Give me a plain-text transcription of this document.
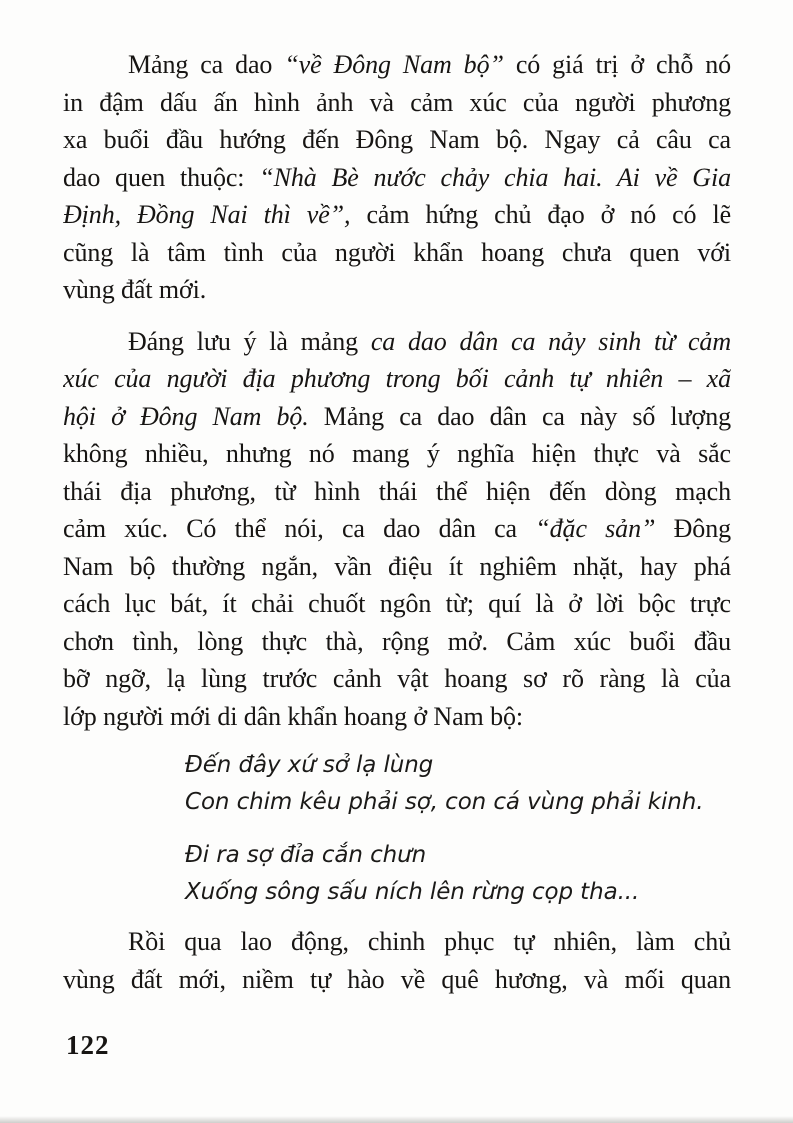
Mảng ca dao “về Đông Nam bộ” có giá trị ở chỗ nó
in đậm dấu ấn hình ảnh và cảm xúc của người phương
xa buổi đầu hướng đến Đông Nam bộ. Ngay cả câu ca
dao quen thuộc: “Nhà Bè nước chảy chia hai. Ai về Gia
Định, Đồng Nai thì về”, cảm hứng chủ đạo ở nó có lẽ
cũng là tâm tình của người khẩn hoang chưa quen với
vùng đất mới.
Đáng lưu ý là mảng ca dao dân ca nảy sinh từ cảm
xúc của người địa phương trong bối cảnh tự nhiên – xã
hội ở Đông Nam bộ. Mảng ca dao dân ca này số lượng
không nhiều, nhưng nó mang ý nghĩa hiện thực và sắc
thái địa phương, từ hình thái thể hiện đến dòng mạch
cảm xúc. Có thể nói, ca dao dân ca “đặc sản” Đông
Nam bộ thường ngắn, vần điệu ít nghiêm nhặt, hay phá
cách lục bát, ít chải chuốt ngôn từ; quí là ở lời bộc trực
chơn tình, lòng thực thà, rộng mở. Cảm xúc buổi đầu
bỡ ngỡ, lạ lùng trước cảnh vật hoang sơ rõ ràng là của
lớp người mới di dân khẩn hoang ở Nam bộ:
Đến đây xứ sở lạ lùng
Con chim kêu phải sợ, con cá vùng phải kinh.
Đi ra sợ đỉa cắn chưn
Xuống sông sấu ních lên rừng cọp tha...
Rồi qua lao động, chinh phục tự nhiên, làm chủ
vùng đất mới, niềm tự hào về quê hương, và mối quan
122
